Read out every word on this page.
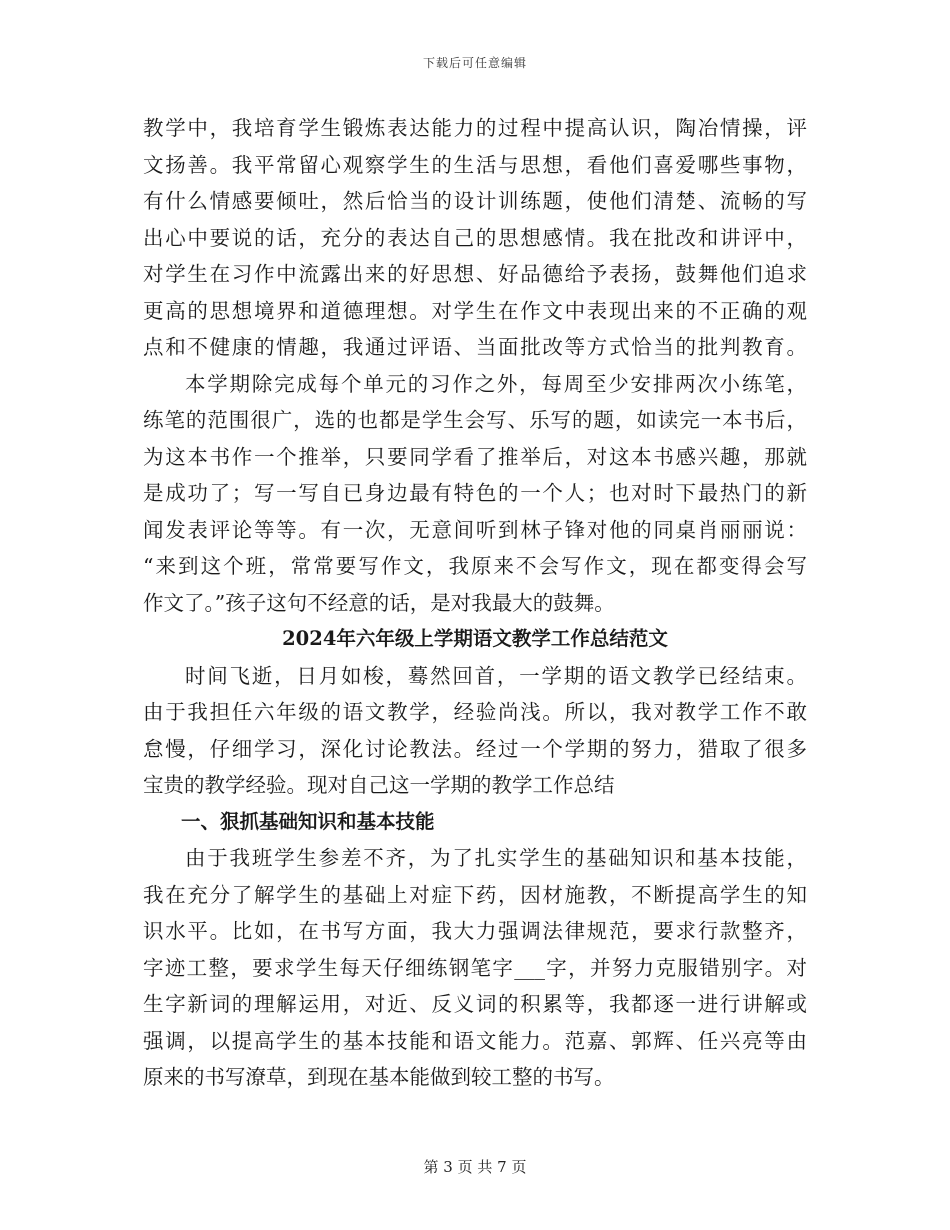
下载后可任意编辑
教学中，我培育学生锻炼表达能力的过程中提高认识，陶冶情操，评
文扬善。我平常留心观察学生的生活与思想，看他们喜爱哪些事物，
有什么情感要倾吐，然后恰当的设计训练题，使他们清楚、流畅的写
出心中要说的话，充分的表达自己的思想感情。我在批改和讲评中，
对学生在习作中流露出来的好思想、好品德给予表扬，鼓舞他们追求
更高的思想境界和道德理想。对学生在作文中表现出来的不正确的观
点和不健康的情趣，我通过评语、当面批改等方式恰当的批判教育。
本学期除完成每个单元的习作之外，每周至少安排两次小练笔，
练笔的范围很广，选的也都是学生会写、乐写的题，如读完一本书后，
为这本书作一个推举，只要同学看了推举后，对这本书感兴趣，那就
是成功了；写一写自已身边最有特色的一个人；也对时下最热门的新
闻发表评论等等。有一次，无意间听到林子锋对他的同桌肖丽丽说：
“来到这个班，常常要写作文，我原来不会写作文，现在都变得会写
作文了。”孩子这句不经意的话，是对我最大的鼓舞。
2024年六年级上学期语文教学工作总结范文
时间飞逝，日月如梭，蓦然回首，一学期的语文教学已经结束。
由于我担任六年级的语文教学，经验尚浅。所以，我对教学工作不敢
怠慢，仔细学习，深化讨论教法。经过一个学期的努力，猎取了很多
宝贵的教学经验。现对自己这一学期的教学工作总结
一、狠抓基础知识和基本技能
由于我班学生参差不齐，为了扎实学生的基础知识和基本技能，
我在充分了解学生的基础上对症下药，因材施教，不断提高学生的知
识水平。比如，在书写方面，我大力强调法律规范，要求行款整齐，
字迹工整，要求学生每天仔细练钢笔字___字，并努力克服错别字。对
生字新词的理解运用，对近、反义词的积累等，我都逐一进行讲解或
强调，以提高学生的基本技能和语文能力。范嘉、郭辉、任兴亮等由
原来的书写潦草，到现在基本能做到较工整的书写。
第 3 页 共 7 页
